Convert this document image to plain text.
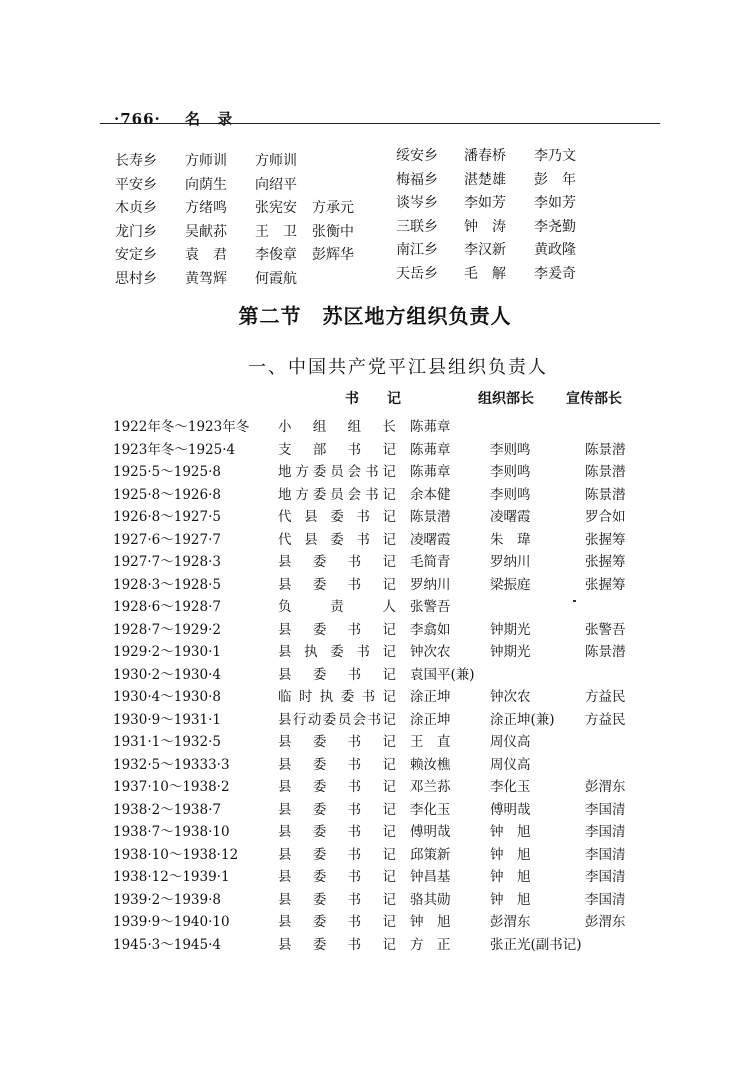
·766· 名 录
长寿乡 方师训 方师训
平安乡 向荫生 向绍平
木贞乡 方绪鸣 张宪安 方承元
龙门乡 吴献荪 王　卫 张衡中
安定乡 袁　君 李俊章 彭辉华
思村乡 黄驾辉 何霞航
绥安乡 潘春桥 李乃文
梅福乡 湛楚雄 彭　年
谈岑乡 李如芳 李如芳
三联乡 钟　涛 李尧勤
南江乡 李汉新 黄政隆
天岳乡 毛　解 李爰奇
第二节　苏区地方组织负责人
一、中国共产党平江县组织负责人
书　　记	组织部长 宣传部长
1922年冬～1923年冬 小组组长 陈茀章
1923年冬～1925·4	支部书记 陈茀章	李则鸣	陈景潜
1925·5～1925·8	地方委员会书记 陈茀章	李则鸣	陈景潜
1925·8～1926·8	地方委员会书记 余本健	李则鸣	陈景潜
1926·8～1927·5	代县委书记 陈景潜	凌曙霞	罗合如
1927·6～1927·7	代县委书记 凌曙霞	朱　瑋	张握筹
1927·7～1928·3	县委书记 毛简青	罗纳川	张握筹
1928·3～1928·5	县委书记 罗纳川	梁振庭	张握筹
1928·6～1928·7	负责人 张警吾
1928·7～1929·2	县委书记 李翕如	钟期光	张警吾
1929·2～1930·1	县执委书记 钟次农	钟期光	陈景潜
1930·2～1930·4	县委书记 袁国平(兼)
1930·4～1930·8	临时执委书记 涂正坤	钟次农	方益民
1930·9～1931·1	县行动委员会书记 涂正坤	涂正坤(兼) 方益民
1931·1～1932·5	县委书记 王　直	周仪高
1932·5～19333·3	县委书记 赖汝樵	周仪高
1937·10～1938·2	县委书记 邓兰荪	李化玉	彭渭东
1938·2～1938·7	县委书记 李化玉	傅明哉	李国清
1938·7～1938·10	县委书记 傅明哉	钟　旭	李国清
1938·10～1938·12	县委书记 邱策新	钟　旭	李国清
1938·12～1939·1	县委书记 钟昌基	钟　旭	李国清
1939·2～1939·8	县委书记 骆其勋	钟　旭	李国清
1939·9～1940·10	县委书记 钟　旭	彭渭东	彭渭东
1945·3～1945·4	县委书记 方　正	张正光(副书记)
